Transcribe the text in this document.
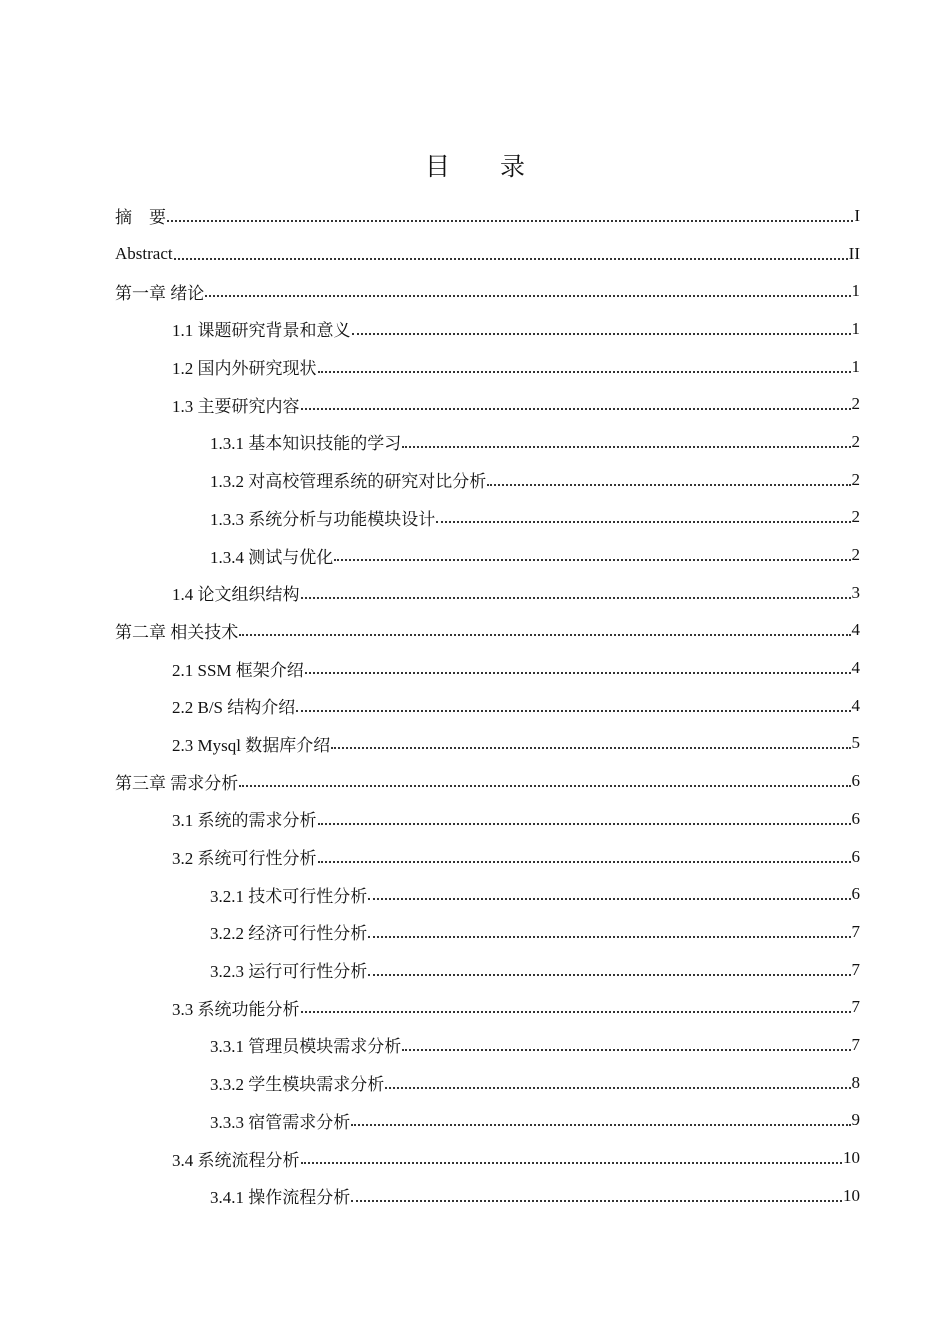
目 录
摘　要	I
Abstract	II
第一章 绪论	1
1.1 课题研究背景和意义	1
1.2 国内外研究现状	1
1.3 主要研究内容	2
1.3.1 基本知识技能的学习	2
1.3.2 对高校管理系统的研究对比分析	2
1.3.3 系统分析与功能模块设计	2
1.3.4 测试与优化	2
1.4 论文组织结构	3
第二章 相关技术	4
2.1 SSM 框架介绍	4
2.2 B/S 结构介绍	4
2.3 Mysql 数据库介绍	5
第三章 需求分析	6
3.1 系统的需求分析	6
3.2 系统可行性分析	6
3.2.1 技术可行性分析	6
3.2.2 经济可行性分析	7
3.2.3 运行可行性分析	7
3.3 系统功能分析	7
3.3.1 管理员模块需求分析	7
3.3.2 学生模块需求分析	8
3.3.3 宿管需求分析	9
3.4 系统流程分析	10
3.4.1 操作流程分析	10
